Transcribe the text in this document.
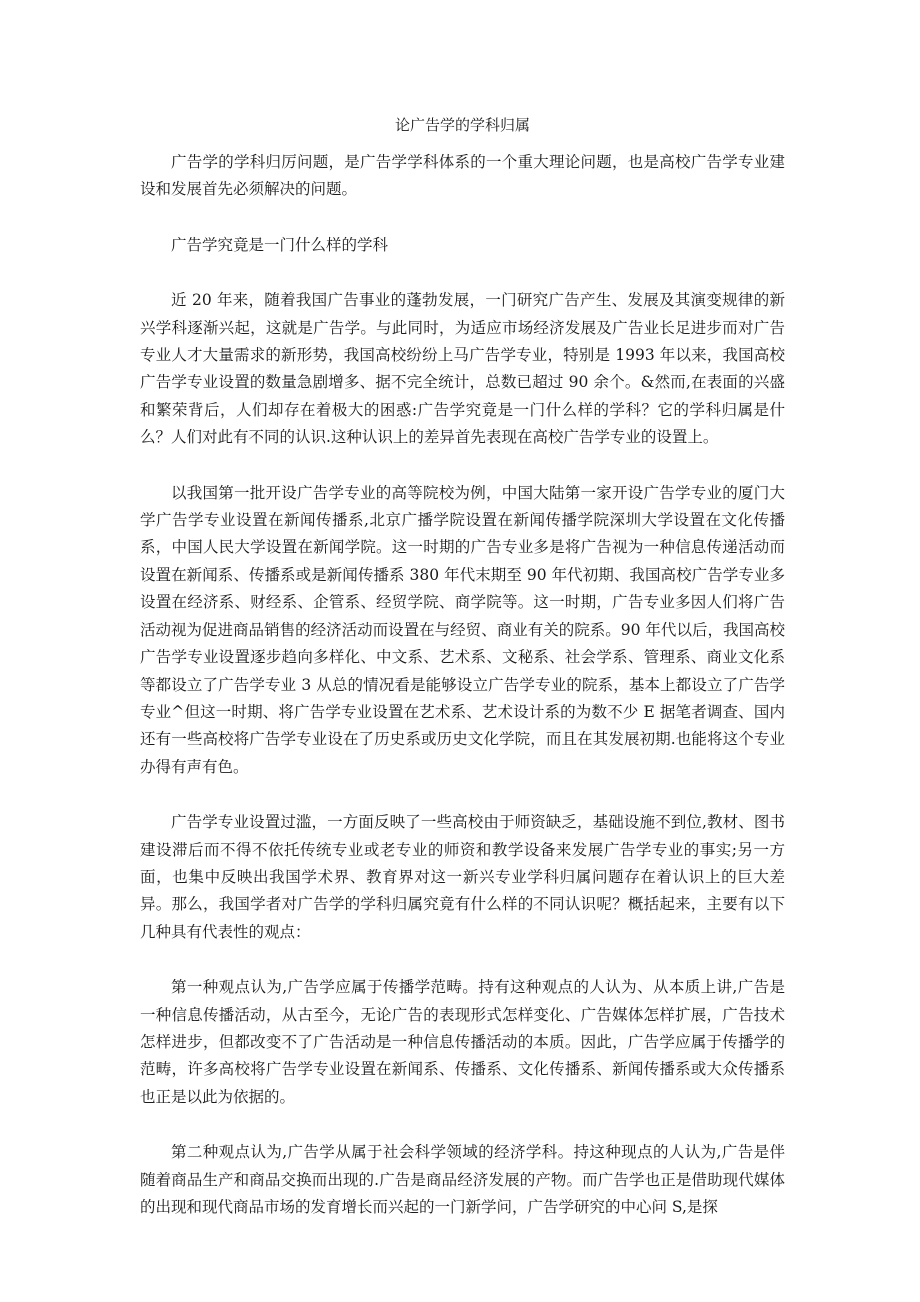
论广告学的学科归属

广告学的学科归厉问题，是广告学学科体系的一个重大理论问题，也是高校广告学专业建设和发展首先必须解决的问题。

广告学究竟是一门什么样的学科

近 20 年来，随着我国广告事业的蓬勃发展，一门研究广告产生、发展及其演变规律的新兴学科逐渐兴起，这就是广告学。与此同时，为适应市场经济发展及广告业长足进步而对广告专业人才大量需求的新形势，我国高校纷纷上马广告学专业，特别是 1993 年以来，我国高校广告学专业设置的数量急剧增多、据不完全统计，总数已超过 90 余个。&然而,在表面的兴盛和繁荣背后，人们却存在着极大的困惑:广告学究竟是一门什么样的学科？它的学科归属是什么？人们对此有不同的认识.这种认识上的差异首先表现在高校广告学专业的设置上。

以我国第一批开设广告学专业的高等院校为例，中国大陆第一家开设广告学专业的厦门大学广告学专业设置在新闻传播系,北京广播学院设置在新闻传播学院深圳大学设置在文化传播系，中国人民大学设置在新闻学院。这一时期的广告专业多是将广告视为一种信息传递活动而设置在新闻系、传播系或是新闻传播系 380 年代末期至 90 年代初期、我国高校广告学专业多设置在经济系、财经系、企管系、经贸学院、商学院等。这一时期，广告专业多因人们将广告活动视为促进商品销售的经济活动而设置在与经贸、商业有关的院系。90 年代以后，我国高校广告学专业设置逐步趋向多样化、中文系、艺术系、文秘系、社会学系、管理系、商业文化系等都设立了广告学专业 3 从总的情况看是能够设立广告学专业的院系，基本上都设立了广告学专业^但这一时期、将广告学专业设置在艺术系、艺术设计系的为数不少 E 据笔者调查、国内还有一些高校将广告学专业设在了历史系或历史文化学院，而且在其发展初期.也能将这个专业办得有声有色。

广告学专业设置过滥，一方面反映了一些高校由于师资缺乏，基础设施不到位,教材、图书建设滞后而不得不依托传统专业或老专业的师资和教学设备来发展广告学专业的事实;另一方面，也集中反映出我国学术界、教育界对这一新兴专业学科归属问题存在着认识上的巨大差异。那么，我国学者对广告学的学科归属究竟有什么样的不同认识呢？概括起来，主要有以下几种具有代表性的观点：

第一种观点认为,广告学应属于传播学范畴。持有这种观点的人认为、从本质上讲,广告是一种信息传播活动，从古至今，无论广告的表现形式怎样变化、广告媒体怎样扩展，广告技术怎样进步，但都改变不了广告活动是一种信息传播活动的本质。因此，广告学应属于传播学的范畴，许多高校将广告学专业设置在新闻系、传播系、文化传播系、新闻传播系或大众传播系也正是以此为依据的。

第二种观点认为,广告学从属于社会科学领域的经济学科。持这种现点的人认为,广告是伴随着商品生产和商品交换而出现的.广告是商品经济发展的产物。而广告学也正是借助现代媒体的出现和现代商品市场的发育增长而兴起的一门新学问，广告学研究的中心问 S,是探
